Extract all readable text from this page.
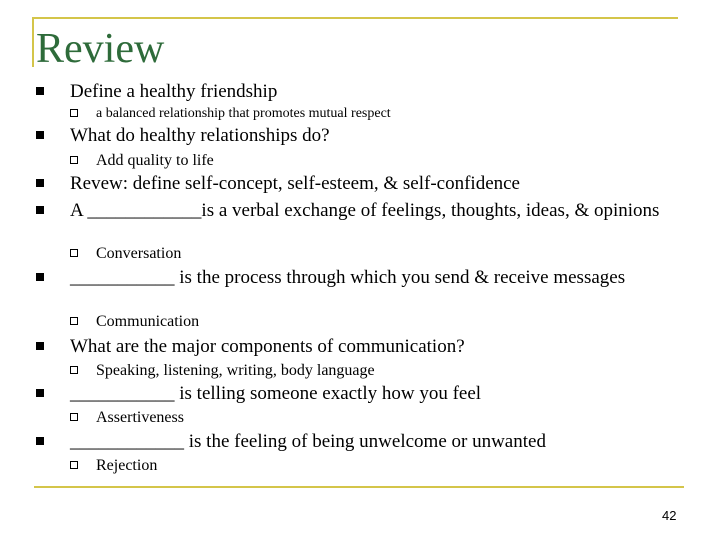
Review
Define a healthy friendship
a balanced relationship that promotes mutual respect
What do healthy relationships do?
Add quality to life
Revew: define self-concept, self-esteem, & self-confidence
A ____________is a verbal exchange of feelings, thoughts, ideas, & opinions
Conversation
___________ is the process through which you send & receive messages
Communication
What are the major components of communication?
Speaking, listening, writing, body language
___________ is telling someone exactly how you feel
Assertiveness
____________ is the feeling of being unwelcome or unwanted
Rejection
42
